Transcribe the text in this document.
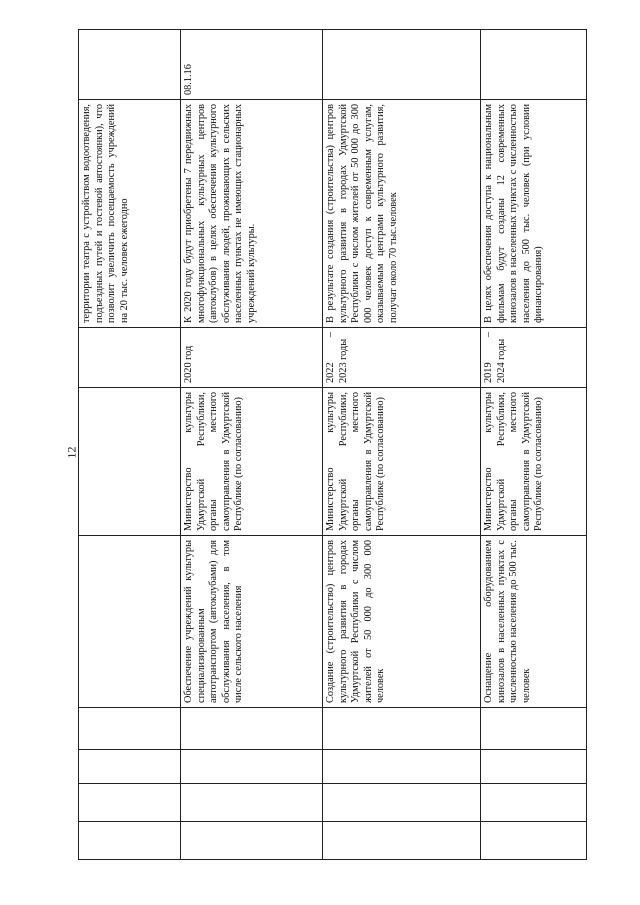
12
							территории театра с устройством водоотведения, подъездных путей и гостевой автостоянки), что позволит увеличить посещаемость учреждений на 20 тыс. человек ежегодно	
				Обеспечение учреждений культуры специализированным автотранспортом (автоклубами) для обслуживания населения, в том числе сельского населения	Министерство культуры Удмуртской Республики, органы местного самоуправления в Удмуртской Республике (по согласованию)	2020 год	К 2020 году будут приобретены 7 передвижных многофункциональных культурных центров (автоклубов) в целях обеспечения культурного обслуживания людей, проживающих в сельских населенных пунктах не имеющих стационарных учреждений культуры.	08.1.16
				Создание (строительство) центров культурного развития в городах Удмуртской Республики с числом жителей от 50 000 до 300 000 человек	Министерство культуры Удмуртской Республики, органы местного самоуправления в Удмуртской Республике (по согласованию)	2022 – 2023 годы	В результате создания (строительства) центров культурного развития в городах Удмуртской Республики с числом жителей от 50 000 до 300 000 человек доступ к современным услугам, оказываемым центрами культурного развития, получат около 70 тыс.человек	
				Оснащение оборудованием кинозалов в населенных пунктах с численностью населения до 500 тыс. человек	Министерство культуры Удмуртской Республики, органы местного самоуправления в Удмуртской Республике (по согласованию)	2019 – 2024 годы	В целях обеспечения доступа к национальным фильмам будут созданы 12 современных кинозалов в населенных пунктах с численностью населения до 500 тыс. человек (при условии финансирования)	
